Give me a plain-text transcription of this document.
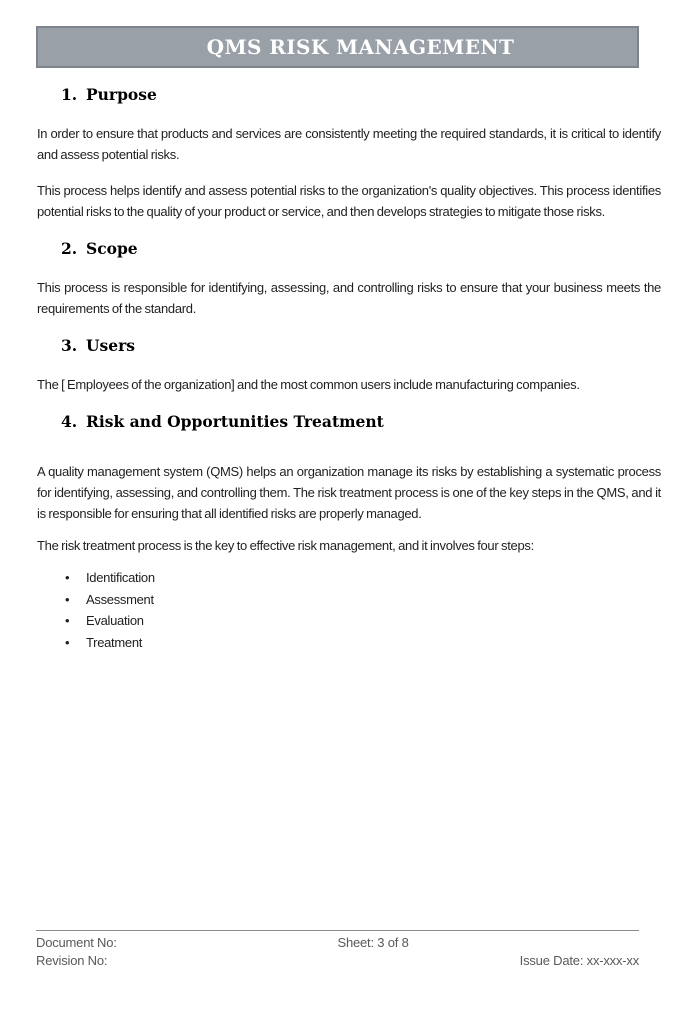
QMS RISK MANAGEMENT
1. Purpose

In order to ensure that products and services are consistently meeting the required standards, it is critical to identify and assess potential risks.

This process helps identify and assess potential risks to the organization's quality objectives. This process identifies potential risks to the quality of your product or service, and then develops strategies to mitigate those risks.

2. Scope

This process is responsible for identifying, assessing, and controlling risks to ensure that your business meets the requirements of the standard.

3. Users

The [ Employees of the organization] and the most common users include manufacturing companies.

4. Risk and Opportunities Treatment

A quality management system (QMS) helps an organization manage its risks by establishing a systematic process for identifying, assessing, and controlling them. The risk treatment process is one of the key steps in the QMS, and it is responsible for ensuring that all identified risks are properly managed.

The risk treatment process is the key to effective risk management, and it involves four steps:

•	Identification
•	Assessment
•	Evaluation
•	Treatment
Document No:	Sheet: 3 of 8
Revision No:	Issue Date: xx-xxx-xx
